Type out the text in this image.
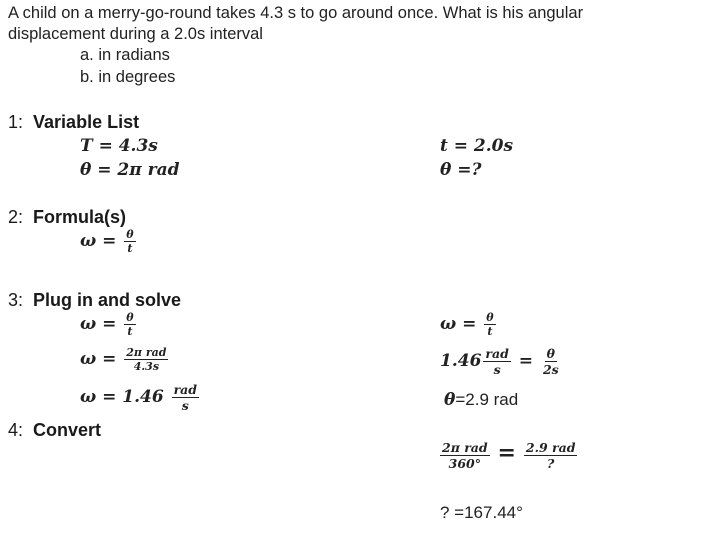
A child on a merry-go-round takes 4.3 s to go around once. What is his angular
displacement during a 2.0s interval
a. in radians
b. in degrees
1: Variable List
T = 4.3s
θ = 2π rad
t = 2.0s
θ =?
2: Formula(s)
$\omega = \frac{\theta}{t}$
3: Plug in and solve
$\omega = \frac{\theta}{t}$
$\omega = \frac{\text{2π rad}}{4.3s}$
$\omega = 1.46 \frac{\text{rad}}{s}$
$\omega = \frac{\theta}{t}$
$1.46 \frac{\text{rad}}{s} = \frac{\theta}{2s}$
θ=2.9 rad
4: Convert
$\frac{\text{2π rad}}{360^\circ} = \frac{\text{2.9 rad}}{?}$
? =167.44°
